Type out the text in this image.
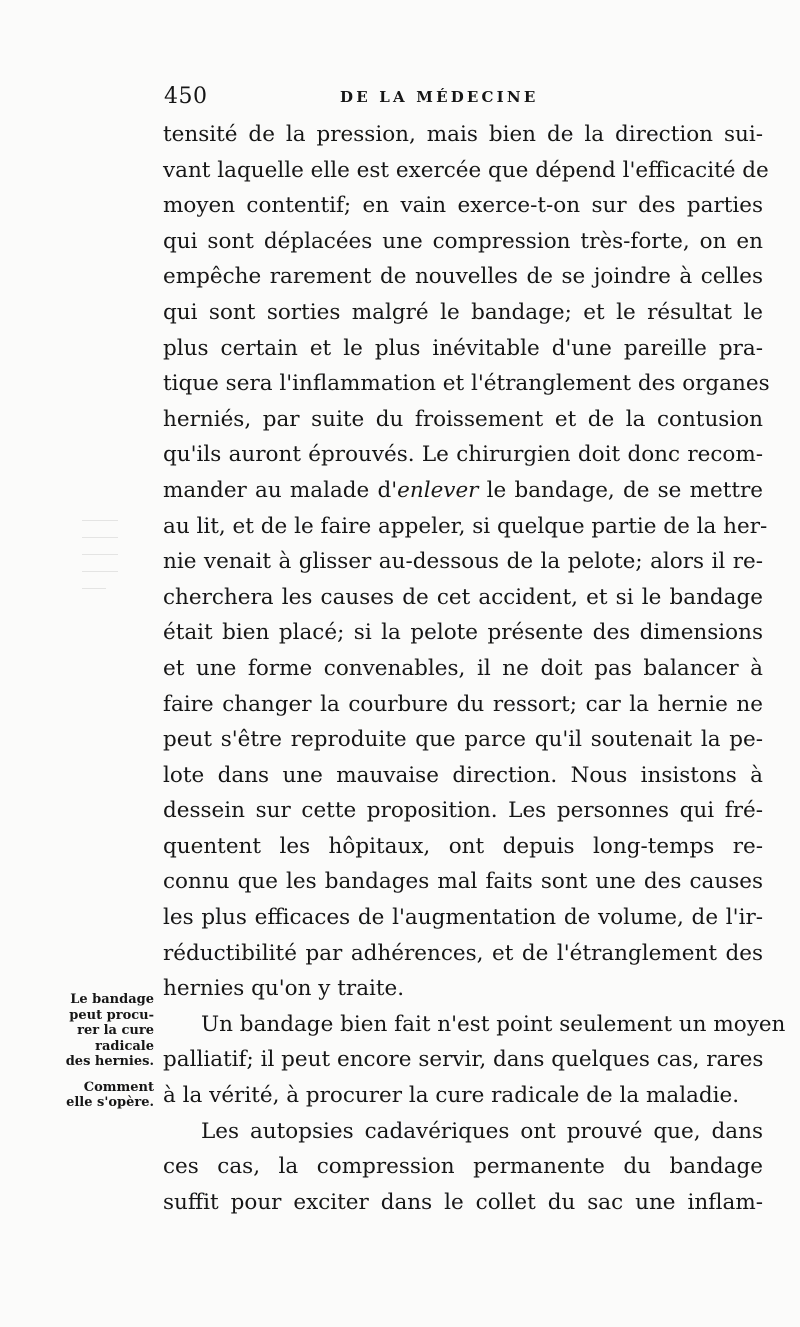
450	DE LA MÉDECINE
―――
―――
―――
―――
――
tensité de la pression, mais bien de la direction sui-
vant laquelle elle est exercée que dépend l'efficacité de
moyen contentif; en vain exerce-t-on sur des parties
qui sont déplacées une compression très-forte, on en
empêche rarement de nouvelles de se joindre à celles
qui sont sorties malgré le bandage; et le résultat le
plus certain et le plus inévitable d'une pareille pra-
tique sera l'inflammation et l'étranglement des organes
herniés, par suite du froissement et de la contusion
qu'ils auront éprouvés. Le chirurgien doit donc recom-
mander au malade d'enlever le bandage, de se mettre
au lit, et de le faire appeler, si quelque partie de la her-
nie venait à glisser au-dessous de la pelote; alors il re-
cherchera les causes de cet accident, et si le bandage
était bien placé; si la pelote présente des dimensions
et une forme convenables, il ne doit pas balancer à
faire changer la courbure du ressort; car la hernie ne
peut s'être reproduite que parce qu'il soutenait la pe-
lote dans une mauvaise direction. Nous insistons à
dessein sur cette proposition. Les personnes qui fré-
quentent les hôpitaux, ont depuis long-temps re-
connu que les bandages mal faits sont une des causes
les plus efficaces de l'augmentation de volume, de l'ir-
réductibilité par adhérences, et de l'étranglement des
hernies qu'on y traite.
Un bandage bien fait n'est point seulement un moyen
palliatif; il peut encore servir, dans quelques cas, rares
à la vérité, à procurer la cure radicale de la maladie.
Les autopsies cadavériques ont prouvé que, dans
ces cas, la compression permanente du bandage
suffit pour exciter dans le collet du sac une inflam-
Le bandage
peut procu-
rer la cure
radicale
des hernies.
Comment
elle s'opère.
